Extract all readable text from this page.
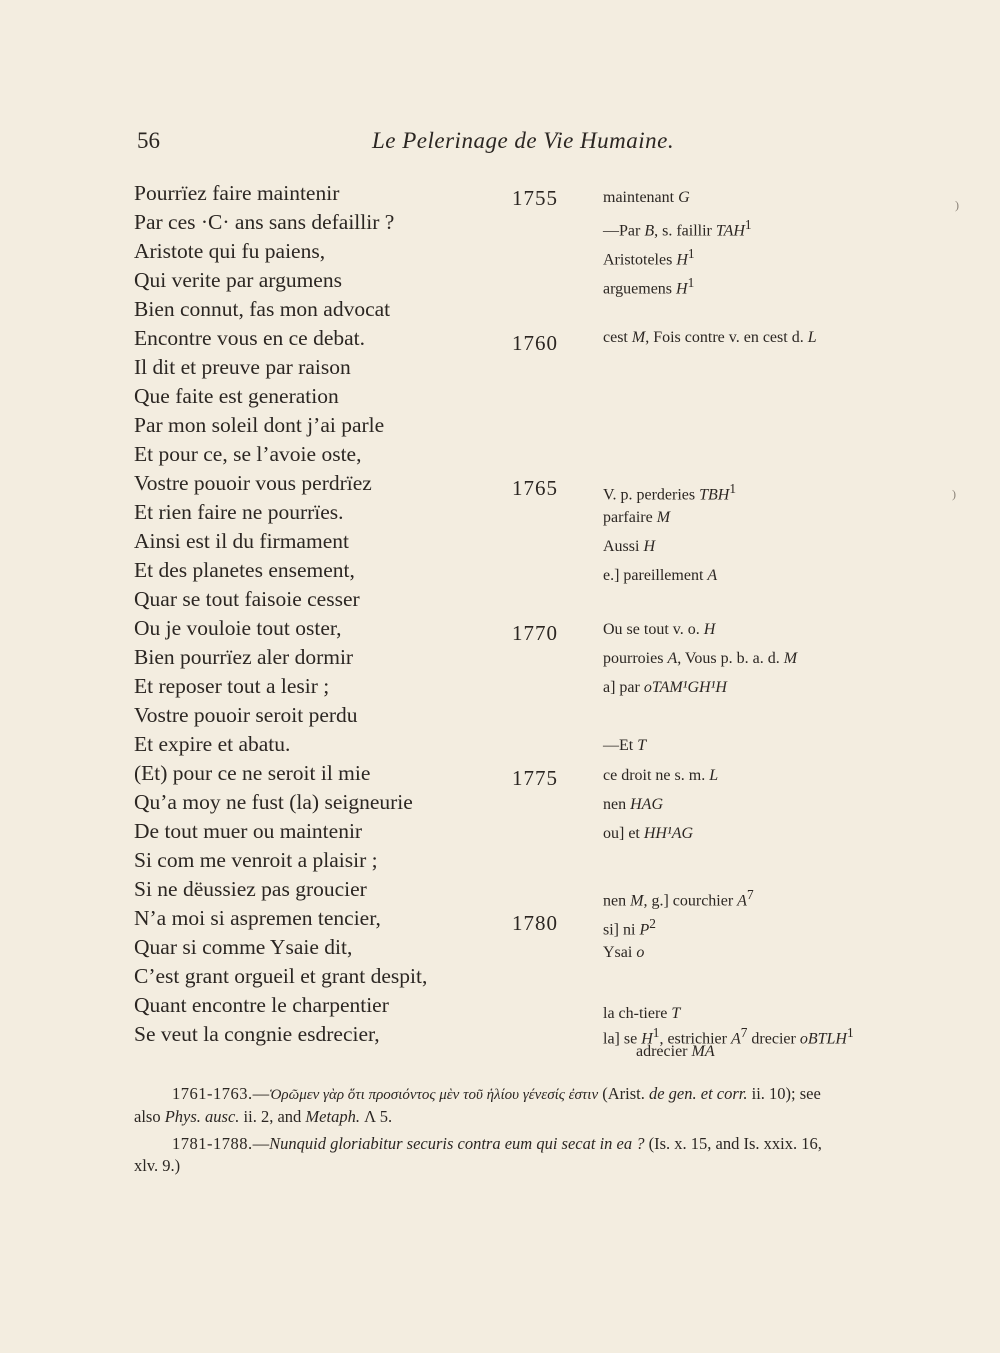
56	Le Pelerinage de Vie Humaine.
Pourrïez faire maintenir
Par ces ·C· ans sans defaillir ?
Aristote qui fu paiens,
Qui verite par argumens
Bien connut, fas mon advocat
Encontre vous en ce debat.
Il dit et preuve par raison
Que faite est generation
Par mon soleil dont j’ai parle
Et pour ce, se l’avoie oste,
Vostre pouoir vous perdrïez
Et rien faire ne pourrïes.
Ainsi est il du firmament
Et des planetes ensement,
Quar se tout faisoie cesser
Ou je vouloie tout oster,
Bien pourrïez aler dormir
Et reposer tout a lesir ;
Vostre pouoir seroit perdu
Et expire et abatu.
(Et) pour ce ne seroit il mie
Qu’a moy ne fust (la) seigneurie
De tout muer ou maintenir
Si com me venroit a plaisir ;
Si ne dëussiez pas groucier
N’a moi si aspremen tencier,
Quar si comme Ysaie dit,
C’est grant orgueil et grant despit,
Quant encontre le charpentier
Se veut la congnie esdrecier,
1755
1760
1765
1770
1775
1780
maintenant G
—Par B, s. faillir TAH$^1$
Aristoteles $H^1$
arguemens $H^1$
cest M, Fois contre v. en cest d. L
V. p. perderies TBH$^1$
parfaire M
Aussi H
e.] pareillement A
Ou se tout v. o. H
pourroies A, Vous p. b. a. d. M
a] par oTAM¹GH¹H
—Et T
ce droit ne s. m. L
nen HAG
ou] et HH¹AG
nen M, g.] courchier $A^7$
si] ni $P^2$
Ysai o
la ch-tiere T
la] se $H^1$, estrichier $A^7$ drecier oBTLH$^1$
adrecier MA
1761-1763.—Ὁρῶμεν γὰρ ὅτι προσιόντος μὲν τοῦ ἡλίου γένεσίς ἐστιν (Arist. de gen. et corr. ii. 10); see
also Phys. ausc. ii. 2, and Metaph. Λ 5.
1781-1788.—Nunquid gloriabitur securis contra eum qui secat in ea ? (Is. x. 15, and Is. xxix. 16,
xlv. 9.)
)
)
